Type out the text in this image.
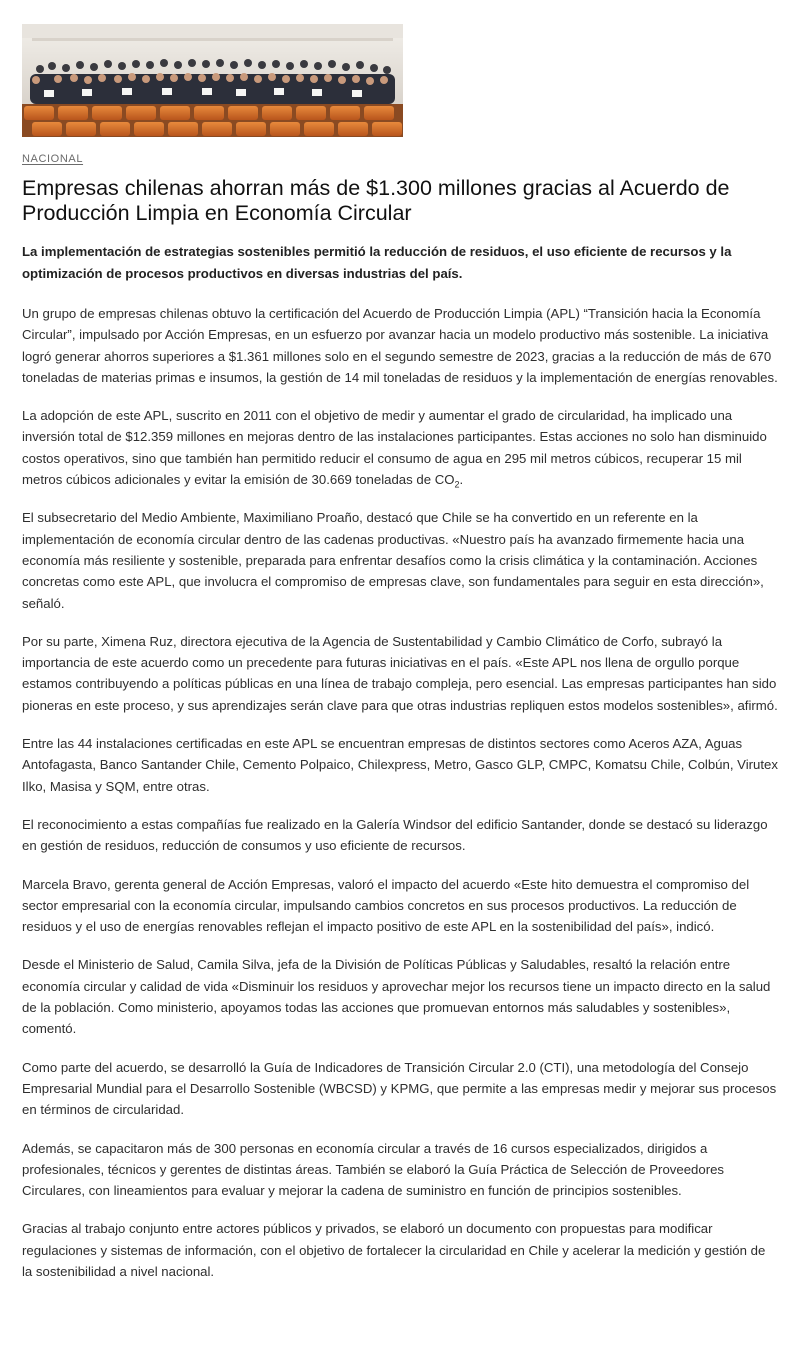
NACIONAL
Empresas chilenas ahorran más de $1.300 millones gracias al Acuerdo de Producción Limpia en Economía Circular

La implementación de estrategias sostenibles permitió la reducción de residuos, el uso eficiente de recursos y la optimización de procesos productivos en diversas industrias del país.

Un grupo de empresas chilenas obtuvo la certificación del Acuerdo de Producción Limpia (APL) “Transición hacia la Economía Circular”, impulsado por Acción Empresas, en un esfuerzo por avanzar hacia un modelo productivo más sostenible. La iniciativa logró generar ahorros superiores a $1.361 millones solo en el segundo semestre de 2023, gracias a la reducción de más de 670 toneladas de materias primas e insumos, la gestión de 14 mil toneladas de residuos y la implementación de energías renovables.

La adopción de este APL, suscrito en 2011 con el objetivo de medir y aumentar el grado de circularidad, ha implicado una inversión total de $12.359 millones en mejoras dentro de las instalaciones participantes. Estas acciones no solo han disminuido costos operativos, sino que también han permitido reducir el consumo de agua en 295 mil metros cúbicos, recuperar 15 mil metros cúbicos adicionales y evitar la emisión de 30.669 toneladas de $CO_2$.

El subsecretario del Medio Ambiente, Maximiliano Proaño, destacó que Chile se ha convertido en un referente en la implementación de economía circular dentro de las cadenas productivas. «Nuestro país ha avanzado firmemente hacia una economía más resiliente y sostenible, preparada para enfrentar desafíos como la crisis climática y la contaminación. Acciones concretas como este APL, que involucra el compromiso de empresas clave, son fundamentales para seguir en esta dirección», señaló.

Por su parte, Ximena Ruz, directora ejecutiva de la Agencia de Sustentabilidad y Cambio Climático de Corfo, subrayó la importancia de este acuerdo como un precedente para futuras iniciativas en el país. «Este APL nos llena de orgullo porque estamos contribuyendo a políticas públicas en una línea de trabajo compleja, pero esencial. Las empresas participantes han sido pioneras en este proceso, y sus aprendizajes serán clave para que otras industrias repliquen estos modelos sostenibles», afirmó.

Entre las 44 instalaciones certificadas en este APL se encuentran empresas de distintos sectores como Aceros AZA, Aguas Antofagasta, Banco Santander Chile, Cemento Polpaico, Chilexpress, Metro, Gasco GLP, CMPC, Komatsu Chile, Colbún, Virutex Ilko, Masisa y SQM, entre otras.

El reconocimiento a estas compañías fue realizado en la Galería Windsor del edificio Santander, donde se destacó su liderazgo en gestión de residuos, reducción de consumos y uso eficiente de recursos.

Marcela Bravo, gerenta general de Acción Empresas, valoró el impacto del acuerdo «Este hito demuestra el compromiso del sector empresarial con la economía circular, impulsando cambios concretos en sus procesos productivos. La reducción de residuos y el uso de energías renovables reflejan el impacto positivo de este APL en la sostenibilidad del país», indicó.

Desde el Ministerio de Salud, Camila Silva, jefa de la División de Políticas Públicas y Saludables, resaltó la relación entre economía circular y calidad de vida «Disminuir los residuos y aprovechar mejor los recursos tiene un impacto directo en la salud de la población. Como ministerio, apoyamos todas las acciones que promuevan entornos más saludables y sostenibles», comentó.

Como parte del acuerdo, se desarrolló la Guía de Indicadores de Transición Circular 2.0 (CTI), una metodología del Consejo Empresarial Mundial para el Desarrollo Sostenible (WBCSD) y KPMG, que permite a las empresas medir y mejorar sus procesos en términos de circularidad.

Además, se capacitaron más de 300 personas en economía circular a través de 16 cursos especializados, dirigidos a profesionales, técnicos y gerentes de distintas áreas. También se elaboró la Guía Práctica de Selección de Proveedores Circulares, con lineamientos para evaluar y mejorar la cadena de suministro en función de principios sostenibles.

Gracias al trabajo conjunto entre actores públicos y privados, se elaboró un documento con propuestas para modificar regulaciones y sistemas de información, con el objetivo de fortalecer la circularidad en Chile y acelerar la medición y gestión de la sostenibilidad a nivel nacional.
